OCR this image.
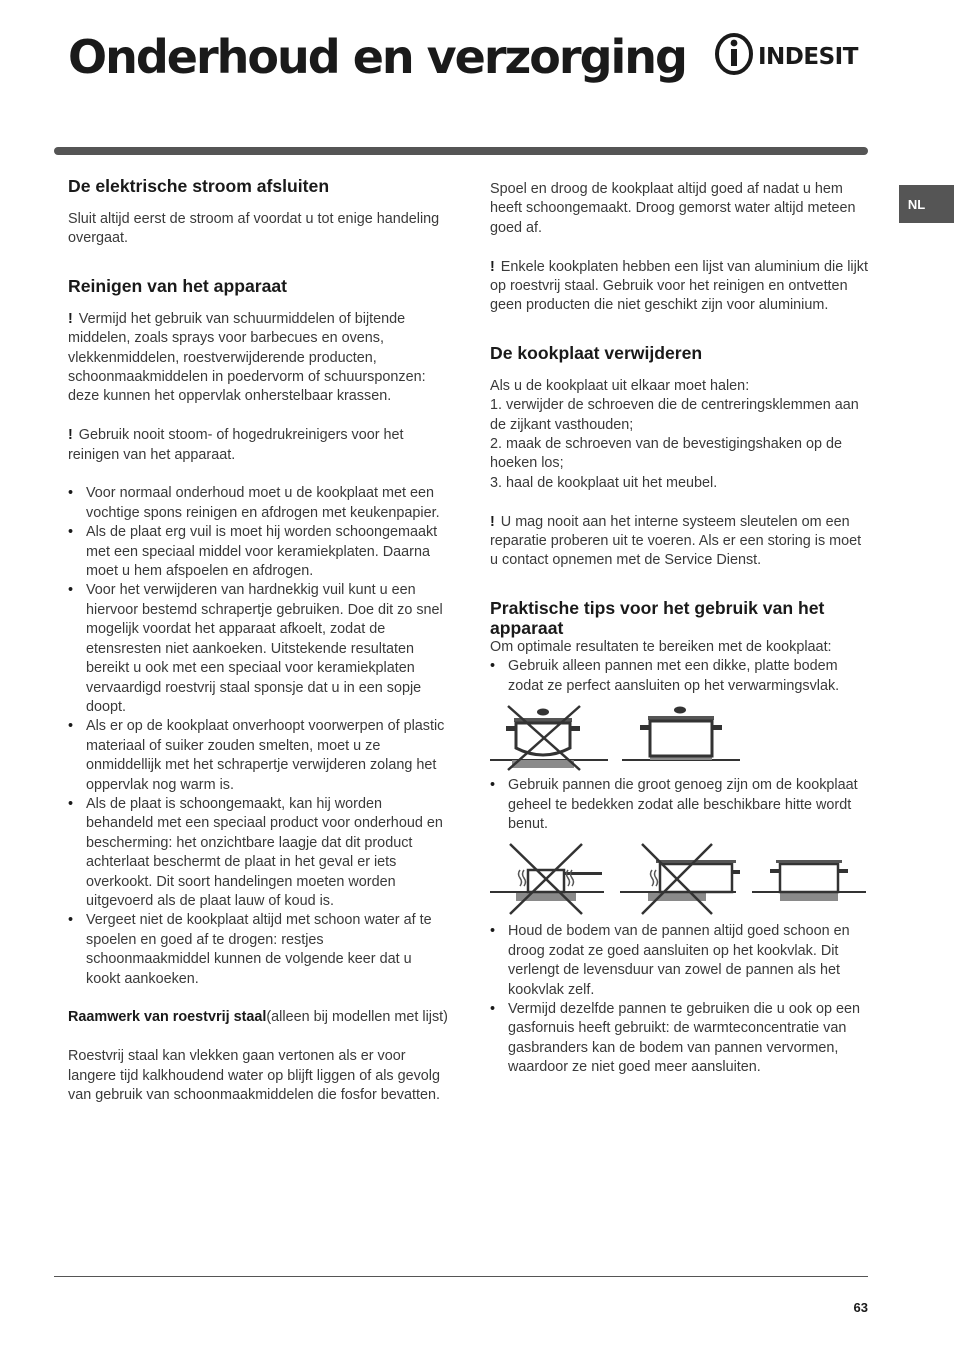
Onderhoud en verzorging	INDESIT
NL
De elektrische stroom afsluiten

Sluit altijd eerst de stroom af voordat u tot enige handeling overgaat.

Reinigen van het apparaat

! Vermijd het gebruik van schuurmiddelen of bijtende middelen, zoals sprays voor barbecues en ovens, vlekkenmiddelen, roestverwijderende producten, schoonmaakmiddelen in poedervorm of schuursponzen: deze kunnen het oppervlak onherstelbaar krassen.

! Gebruik nooit stoom- of hogedrukreinigers voor het reinigen van het apparaat.

• Voor normaal onderhoud moet u de kookplaat met een vochtige spons reinigen en afdrogen met keukenpapier.
• Als de plaat erg vuil is moet hij worden schoongemaakt met een speciaal middel voor keramiekplaten. Daarna moet u hem afspoelen en afdrogen.
• Voor het verwijderen van hardnekkig vuil kunt u een hiervoor bestemd schrapertje gebruiken. Doe dit zo snel mogelijk voordat het apparaat afkoelt, zodat de etensresten niet aankoeken. Uitstekende resultaten bereikt u ook met een speciaal voor keramiekplaten vervaardigd roestvrij staal sponsje dat u in een sopje doopt.
• Als er op de kookplaat onverhoopt voorwerpen of plastic materiaal of suiker zouden smelten, moet u ze onmiddellijk met het schrapertje verwijderen zolang het oppervlak nog warm is.
• Als de plaat is schoongemaakt, kan hij worden behandeld met een speciaal product voor onderhoud en bescherming: het onzichtbare laagje dat dit product achterlaat beschermt de plaat in het geval er iets overkookt. Dit soort handelingen moeten worden uitgevoerd als de plaat lauw of koud is.
• Vergeet niet de kookplaat altijd met schoon water af te spoelen en goed af te drogen: restjes schoonmaakmiddel kunnen de volgende keer dat u kookt aankoeken.

Raamwerk van roestvrij staal(alleen bij modellen met lijst)

Roestvrij staal kan vlekken gaan vertonen als er voor langere tijd kalkhoudend water op blijft liggen of als gevolg van gebruik van schoonmaakmiddelen die fosfor bevatten.

Spoel en droog de kookplaat altijd goed af nadat u hem heeft schoongemaakt. Droog gemorst water altijd meteen goed af.

! Enkele kookplaten hebben een lijst van aluminium die lijkt op roestvrij staal. Gebruik voor het reinigen en ontvetten geen producten die niet geschikt zijn voor aluminium.

De kookplaat verwijderen

Als u de kookplaat uit elkaar moet halen:

1. verwijder de schroeven die de centreringsklemmen aan de zijkant vasthouden;

2. maak de schroeven van de bevestigingshaken op de hoeken los;

3. haal de kookplaat uit het meubel.

! U mag nooit aan het interne systeem sleutelen om een reparatie proberen uit te voeren. Als er een storing is moet u contact opnemen met de Service Dienst.

Praktische tips voor het gebruik van het apparaat

Om optimale resultaten te bereiken met de kookplaat:

• Gebruik alleen pannen met een dikke, platte bodem zodat ze perfect aansluiten op het verwarmingsvlak.
• Gebruik pannen die groot genoeg zijn om de kookplaat geheel te bedekken zodat alle beschikbare hitte wordt benut.
• Houd de bodem van de pannen altijd goed schoon en droog zodat ze goed aansluiten op het kookvlak. Dit verlengt de levensduur van zowel de pannen als het kookvlak zelf.
• Vermijd dezelfde pannen te gebruiken die u ook op een gasfornuis heeft gebruikt: de warmteconcentratie van gasbranders kan de bodem van pannen vervormen, waardoor ze niet goed meer aansluiten.
63
